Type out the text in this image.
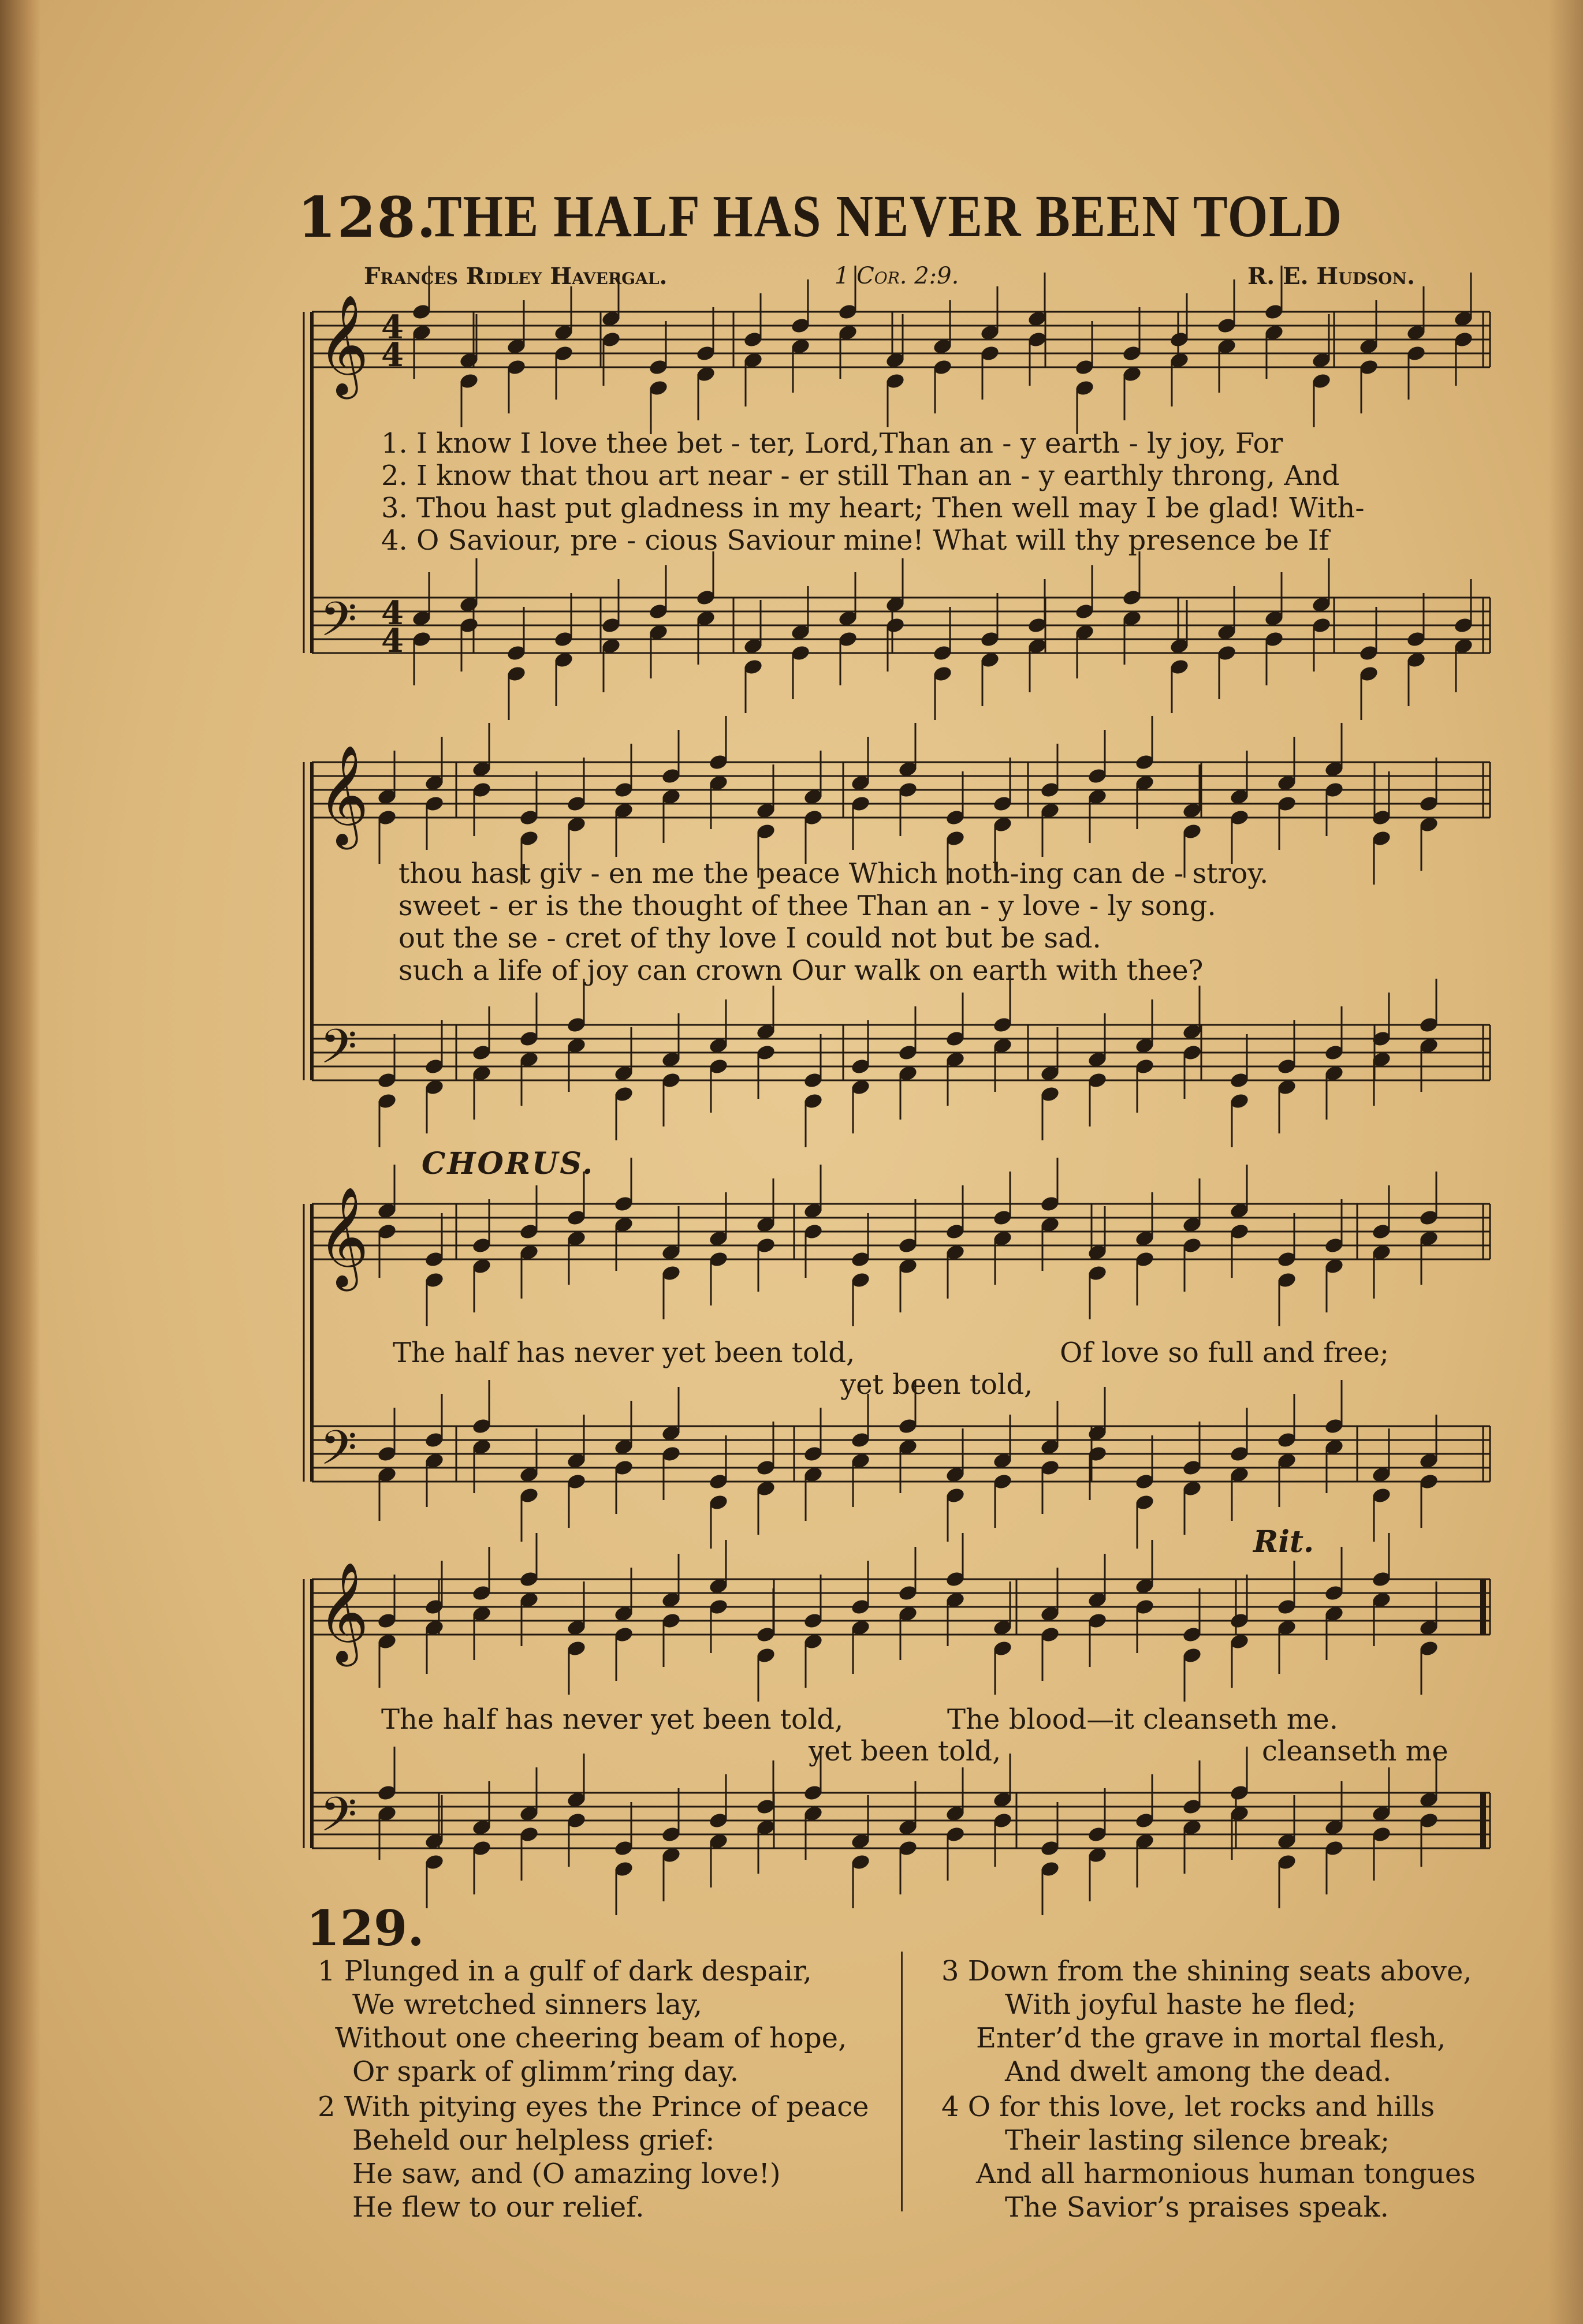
128.
THE HALF HAS NEVER BEEN TOLD
Frances Ridley Havergal.	1 Cor. 2:9.	R. E. Hudson.
𝄞
𝄢
4
4
4
4
𝄞
𝄢
𝄞
𝄢
𝄞
𝄢
1. I know I love thee bet - ter, Lord,Than an - y earth - ly joy, For
2. I know that thou art near - er still Than an - y earthly throng, And
3. Thou hast put gladness in my heart; Then well may I be glad! With-
4. O Saviour, pre - cious Saviour mine! What will thy presence be If
thou hast giv - en me the peace Which noth-ing can de - stroy.
sweet - er is the thought of thee Than an - y love - ly song.
out the se - cret of thy love I could not but be sad.
such a life of joy can crown Our walk on earth with thee?
CHORUS.
The half has never yet been told,	Of love so full and free;
yet been told,
Rit.
The half has never yet been told,	The blood—it cleanseth me.
yet been told,	cleanseth me
129.
1 Plunged in a gulf of dark despair,
We wretched sinners lay,
Without one cheering beam of hope,
Or spark of glimm’ring day.
2 With pitying eyes the Prince of peace
Beheld our helpless grief:
He saw, and (O amazing love!)
He flew to our relief.
3 Down from the shining seats above,
With joyful haste he fled;
Enter’d the grave in mortal flesh,
And dwelt among the dead.
4 O for this love, let rocks and hills
Their lasting silence break;
And all harmonious human tongues
The Savior’s praises speak.
